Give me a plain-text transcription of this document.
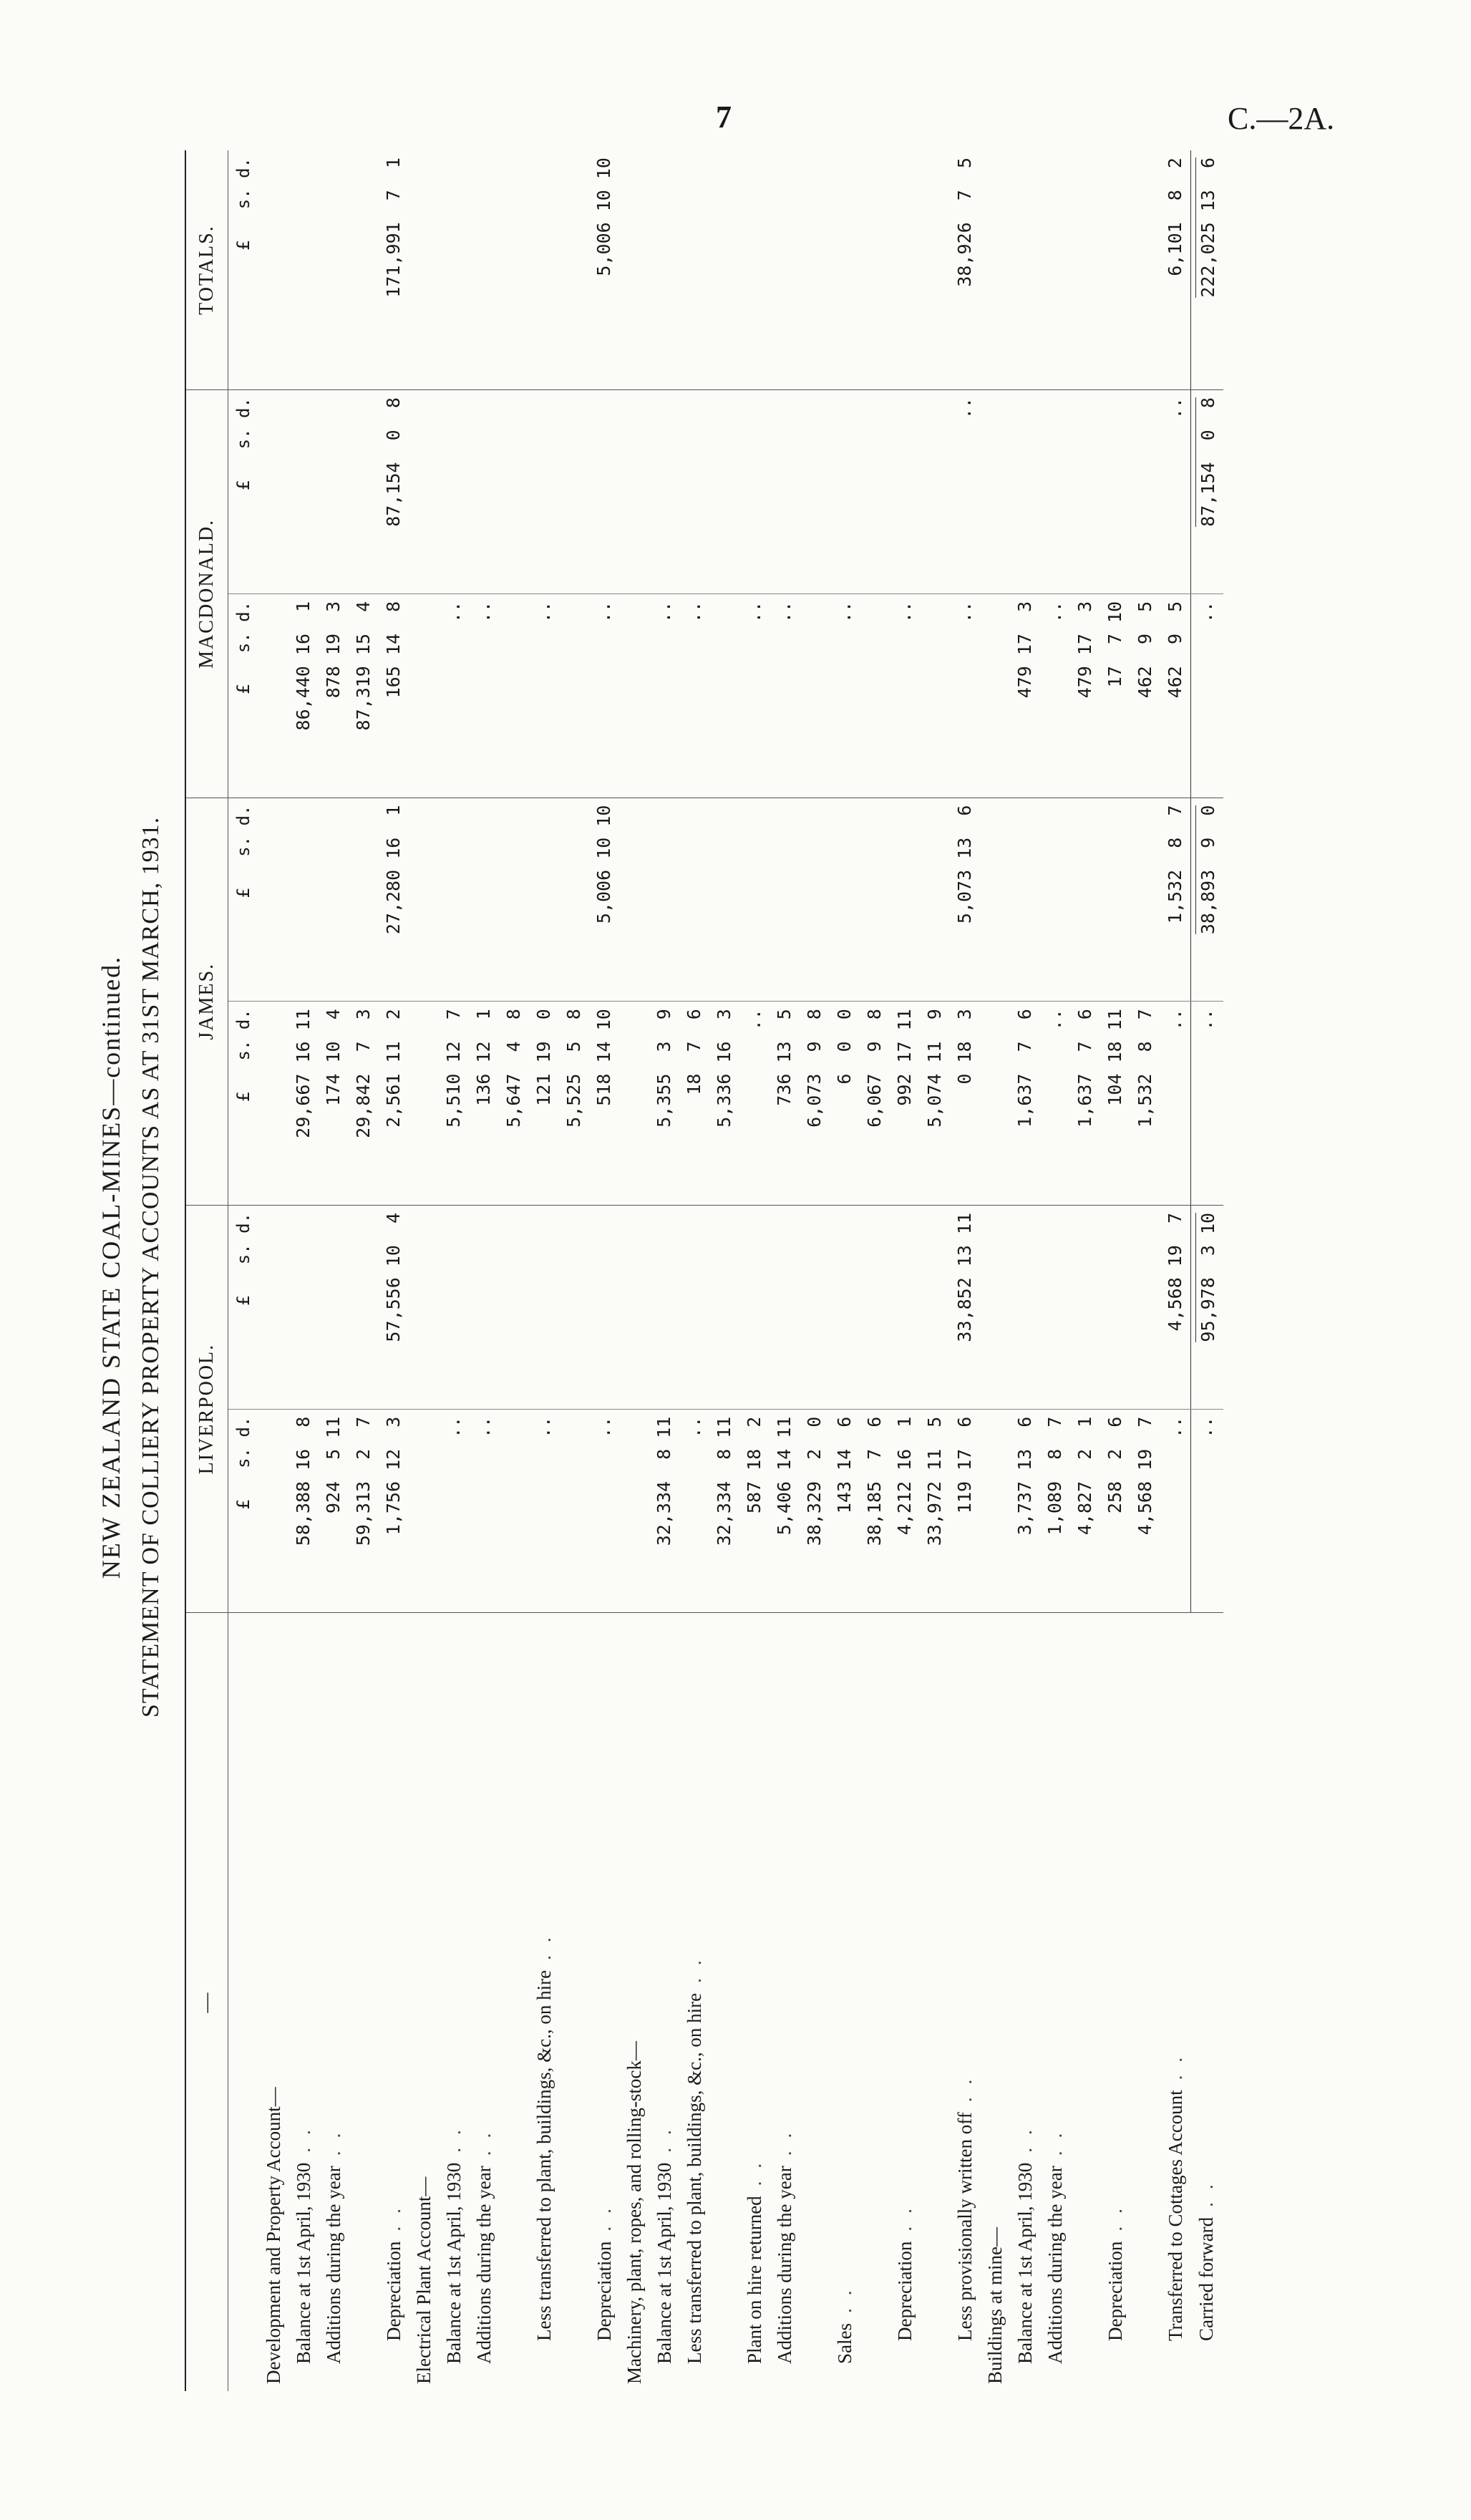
7	C.—2A.
NEW ZEALAND STATE COAL-MINES—continued. STATEMENT OF COLLIERY PROPERTY ACCOUNTS AS AT 31ST MARCH, 1931.
—	LIVERPOOL.		JAMES.		MACDONALD.		TOTALS.
	£   s. d.	£   s. d.	£   s. d.	£   s. d.	£   s. d.	£   s. d.	£   s. d.
Development and Property Account—							

Balance at 1st April, 1930..	58,388 16  8		29,667 16 11		86,440 16  1		

Additions during the year..	924  5 11		174 10  4		878 19  3		
	59,313  2  7		29,842  7  3		87,319 15  4		

Depreciation..	1,756 12  3	57,556 10  4	2,561 11  2	27,280 16  1	165 14  8	87,154  0  8	171,991  7  1
Electrical Plant Account—							

Balance at 1st April, 1930..	..		5,510 12  7		..		

Additions during the year..	..		136 12  1		..		
			5,647  4  8				

Less transferred to plant, buildings, &c., on hire..	..		121 19  0		..		
			5,525  5  8				

Depreciation..	..		518 14 10	5,006 10 10	..		5,006 10 10
Machinery, plant, ropes, and rolling-stock—							

Balance at 1st April, 1930..	32,334  8 11		5,355  3  9		..		

Less transferred to plant, buildings, &c., on hire..	..		18  7  6		..		
	32,334  8 11		5,336 16  3				

Plant on hire returned..	587 18  2		..		..		

Additions during the year..	5,406 14 11		736 13  5		..		
	38,329  2  0		6,073  9  8				

Sales..	143 14  6		6  0  0		..		
	38,185  7  6		6,067  9  8				

Depreciation..	4,212 16  1		992 17 11		..		
	33,972 11  5		5,074 11  9				

Less provisionally written off..	119 17  6	33,852 13 11	0 18  3	5,073 13  6	..	..	38,926  7  5
Buildings at mine—							

Balance at 1st April, 1930..	3,737 13  6		1,637  7  6		479 17  3		

Additions during the year..	1,089  8  7		..		..		
	4,827  2  1		1,637  7  6		479 17  3		

Depreciation..	258  2  6		104 18 11		17  7 10		
	4,568 19  7		1,532  8  7		462  9  5		

Transferred to Cottages Account..	..	4,568 19  7	..	1,532  8  7	462  9  5	..	6,101  8  2

Carried forward..	..	95,978  3 10	..	38,893  9  0	..	87,154  0  8	222,025 13  6
